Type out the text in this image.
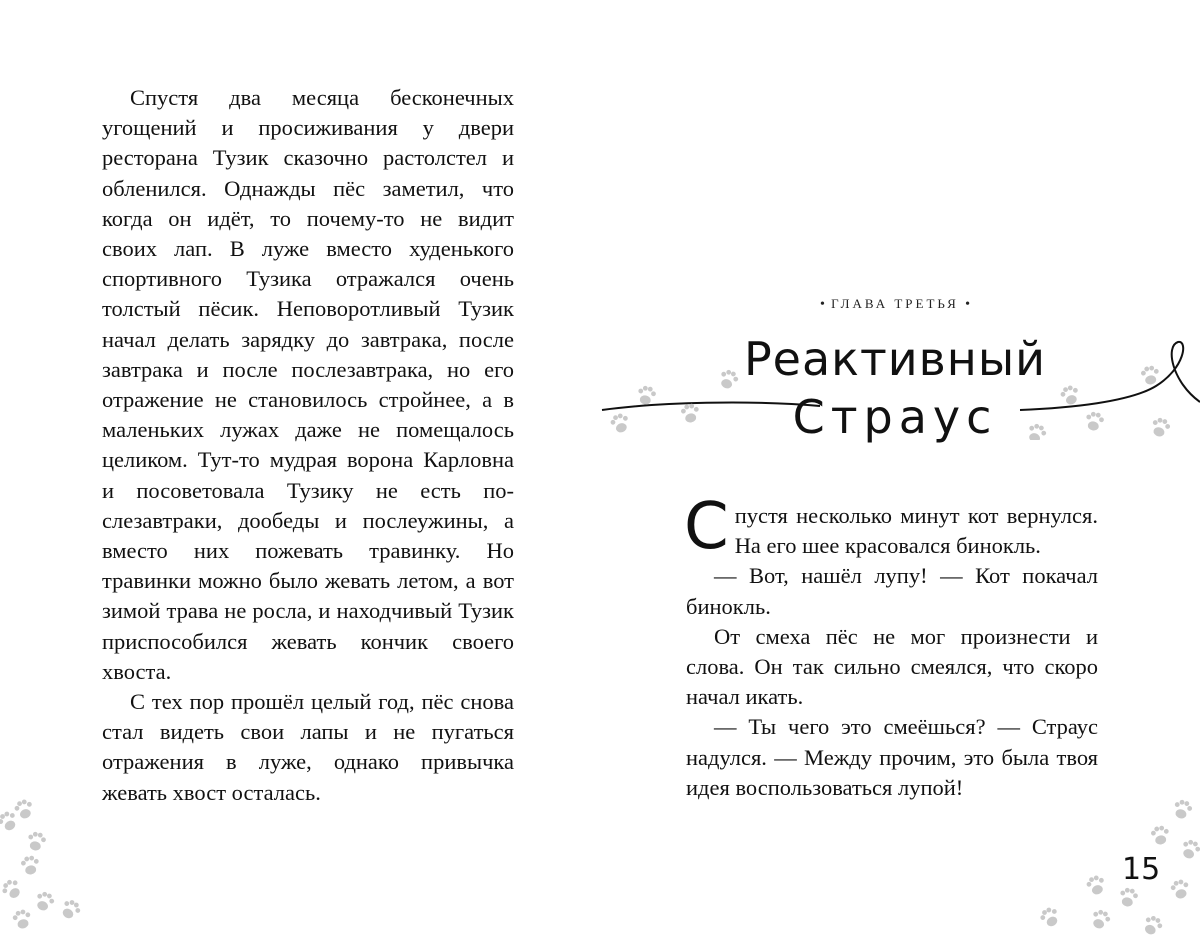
Спустя два месяца бесконечных угощений и просиживания у двери ресторана Тузик сказочно растолстел и обленился. Однажды пёс заметил, что когда он идёт, то почему-то не видит своих лап. В луже вместо худенького спортивного Тузика отражался очень толстый пёсик. Неповоротливый Тузик начал делать зарядку до завтрака, после завтрака и после послезавтрака, но его отражение не становилось стройнее, а в маленьких лужах даже не помещалось целиком. Тут-то мудрая ворона Карловна и посоветовала Тузику не есть послезавтраки, дообеды и послеужины, а вместо них пожевать травинку. Но травинки можно было жевать летом, а вот зимой трава не росла, и находчивый Тузик приспособился жевать кончик своего хвоста.

С тех пор прошёл целый год, пёс снова стал видеть свои лапы и не пугаться отражения в луже, однако привычка жевать хвост осталась.

• ГЛАВА ТРЕТЬЯ •
Реактивный
Страус

Спустя несколько минут кот вернулся. На его шее красовался бинокль.

— Вот, нашёл лупу! — Кот покачал бинокль.

От смеха пёс не мог произнести и слова. Он так сильно смеялся, что скоро начал икать.

— Ты чего это смеёшься? — Страус надулся. — Между прочим, это была твоя идея воспользоваться лупой!

15
